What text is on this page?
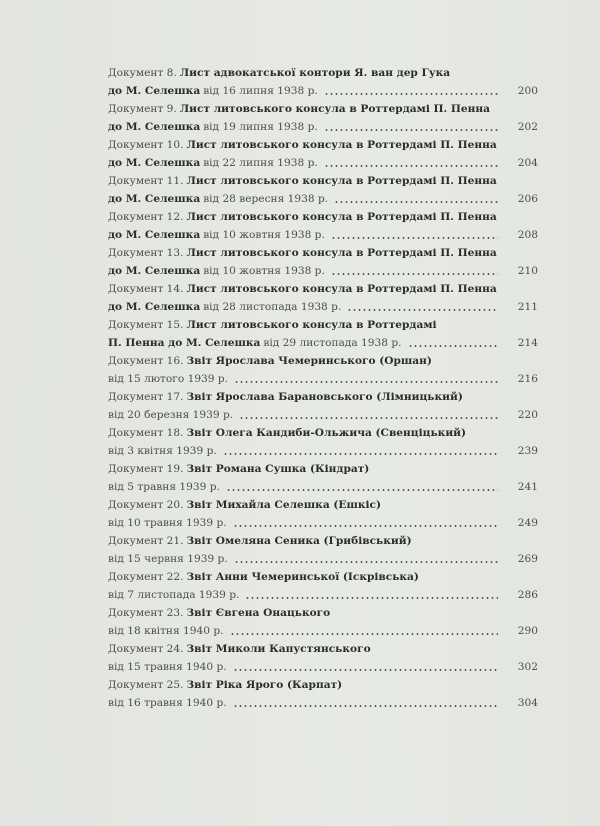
Документ 8. Лист адвокатської контори Я. ван дер Гука
до М. Селешка від 16 липня 1938 р.	200
Документ 9. Лист литовського консула в Роттердамі П. Пенна
до М. Селешка від 19 липня 1938 р.	202
Документ 10. Лист литовського консула в Роттердамі П. Пенна
до М. Селешка від 22 липня 1938 р.	204
Документ 11. Лист литовського консула в Роттердамі П. Пенна
до М. Селешка від 28 вересня 1938 р.	206
Документ 12. Лист литовського консула в Роттердамі П. Пенна
до М. Селешка від 10 жовтня 1938 р.	208
Документ 13. Лист литовського консула в Роттердамі П. Пенна
до М. Селешка від 10 жовтня 1938 р.	210
Документ 14. Лист литовського консула в Роттердамі П. Пенна
до М. Селешка від 28 листопада 1938 р.	211
Документ 15. Лист литовського консула в Роттердамі
П. Пенна до М. Селешка від 29 листопада 1938 р.	214
Документ 16. Звіт Ярослава Чемеринського (Оршан)
від 15 лютого 1939 р.	216
Документ 17. Звіт Ярослава Барановського (Лімницький)
від 20 березня 1939 р.	220
Документ 18. Звіт Олега Кандиби-Ольжича (Свенціцький)
від 3 квітня 1939 р.	239
Документ 19. Звіт Романа Сушка (Кіндрат)
від 5 травня 1939 р.	241
Документ 20. Звіт Михайла Селешка (Ешкіс)
від 10 травня 1939 р.	249
Документ 21. Звіт Омеляна Сеника (Грибівський)
від 15 червня 1939 р.	269
Документ 22. Звіт Анни Чемеринської (Іскрівська)
від 7 листопада 1939 р.	286
Документ 23. Звіт Євгена Онацького
від 18 квітня 1940 р.	290
Документ 24. Звіт Миколи Капустянського
від 15 травня 1940 р.	302
Документ 25. Звіт Ріка Ярого (Карпат)
від 16 травня 1940 р.	304
